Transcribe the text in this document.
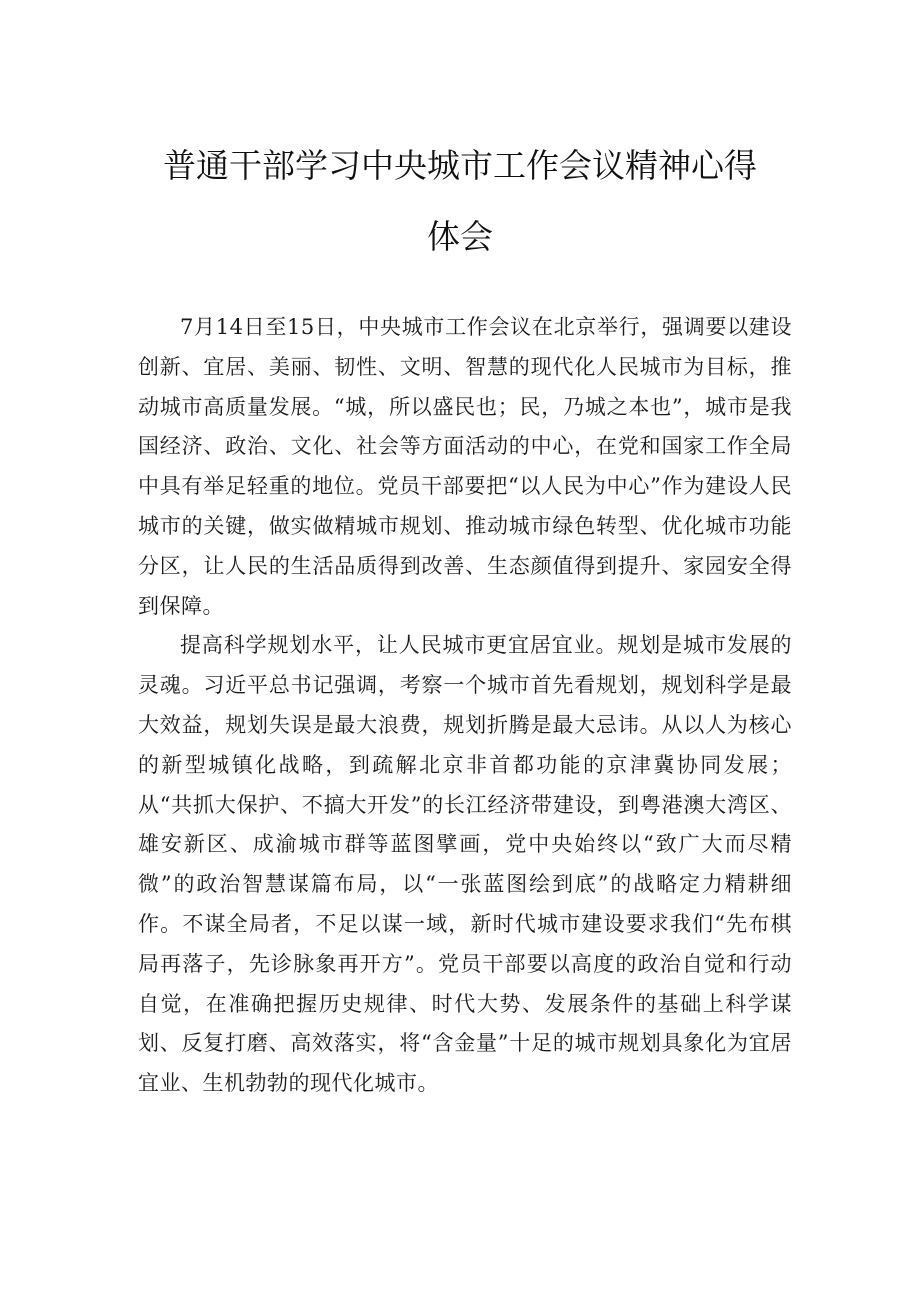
普通干部学习中央城市工作会议精神心得
体会

7月14日至15日，中央城市工作会议在北京举行，强调要以建设创新、宜居、美丽、韧性、文明、智慧的现代化人民城市为目标，推动城市高质量发展。“城，所以盛民也；民，乃城之本也”，城市是我国经济、政治、文化、社会等方面活动的中心，在党和国家工作全局中具有举足轻重的地位。党员干部要把“以人民为中心”作为建设人民城市的关键，做实做精城市规划、推动城市绿色转型、优化城市功能分区，让人民的生活品质得到改善、生态颜值得到提升、家园安全得到保障。

提高科学规划水平，让人民城市更宜居宜业。规划是城市发展的灵魂。习近平总书记强调，考察一个城市首先看规划，规划科学是最大效益，规划失误是最大浪费，规划折腾是最大忌讳。从以人为核心的新型城镇化战略，到疏解北京非首都功能的京津冀协同发展；从“共抓大保护、不搞大开发”的长江经济带建设，到粤港澳大湾区、雄安新区、成渝城市群等蓝图擘画，党中央始终以“致广大而尽精微”的政治智慧谋篇布局，以“一张蓝图绘到底”的战略定力精耕细作。不谋全局者，不足以谋一域，新时代城市建设要求我们“先布棋局再落子，先诊脉象再开方”。党员干部要以高度的政治自觉和行动自觉，在准确把握历史规律、时代大势、发展条件的基础上科学谋划、反复打磨、高效落实，将“含金量”十足的城市规划具象化为宜居宜业、生机勃勃的现代化城市。
